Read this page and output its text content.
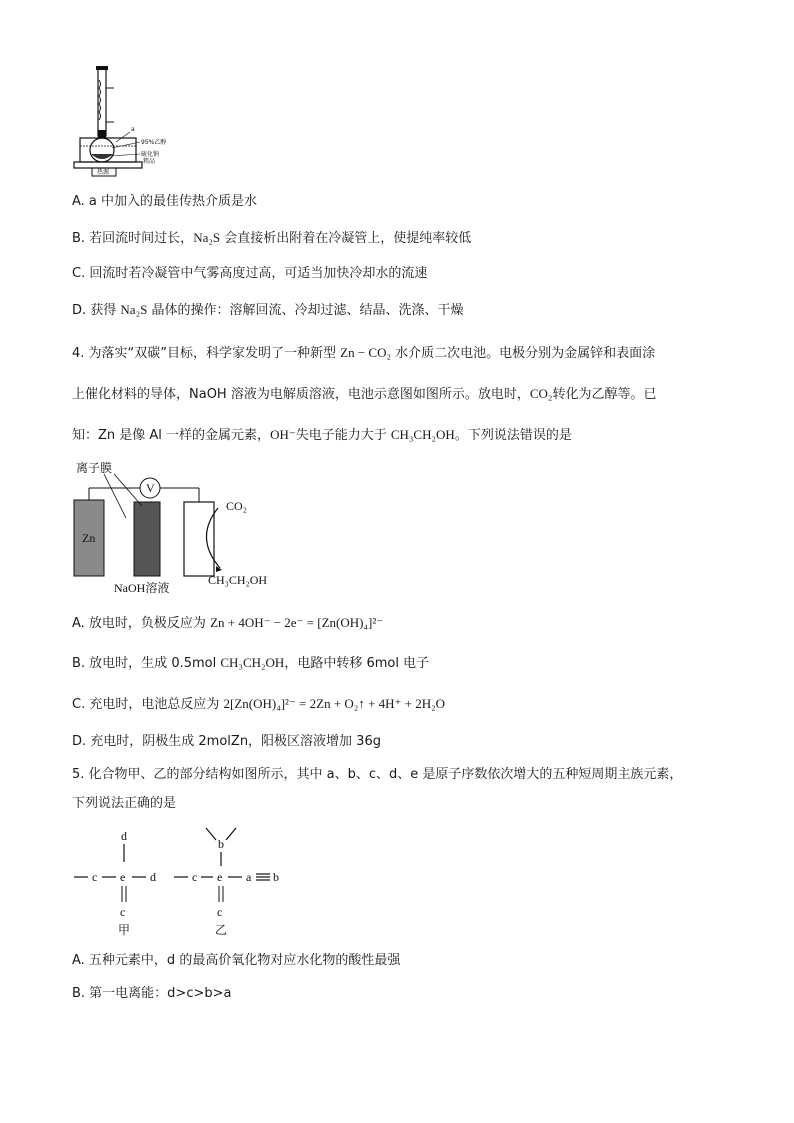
a
95%乙醇
硫化钠
粗品
热源
A. a 中加入的最佳传热介质是水
B. 若回流时间过长，Na₂S 会直接析出附着在冷凝管上，使提纯率较低
C. 回流时若冷凝管中气雾高度过高，可适当加快冷却水的流速
D. 获得 Na₂S 晶体的操作：溶解回流、冷却过滤、结晶、洗涤、干燥
4. 为落实“双碳”目标，科学家发明了一种新型 Zn − CO₂ 水介质二次电池。电极分别为金属锌和表面涂
上催化材料的导体，NaOH 溶液为电解质溶液，电池示意图如图所示。放电时，CO₂转化为乙醇等。已
知：Zn 是像 Al 一样的金属元素，OH⁻失电子能力大于 CH₃CH₂OH。下列说法错误的是
V
离子膜
Zn
CO₂
NaOH溶液
CH₃CH₂OH
A. 放电时，负极反应为 Zn + 4OH⁻ − 2e⁻ = [Zn(OH)₄]²⁻
B. 放电时，生成 0.5mol CH₃CH₂OH，电路中转移 6mol 电子
C. 充电时，电池总反应为 2[Zn(OH)₄]²⁻ = 2Zn + O₂↑ + 4H⁺ + 2H₂O
D. 充电时，阴极生成 2molZn，阳极区溶液增加 36g
5. 化合物甲、乙的部分结构如图所示，其中 a、b、c、d、e 是原子序数依次增大的五种短周期主族元素，
下列说法正确的是
d
c e d
c
甲
b
c e a b
c
乙
A. 五种元素中，d 的最高价氧化物对应水化物的酸性最强
B. 第一电离能：d>c>b>a
